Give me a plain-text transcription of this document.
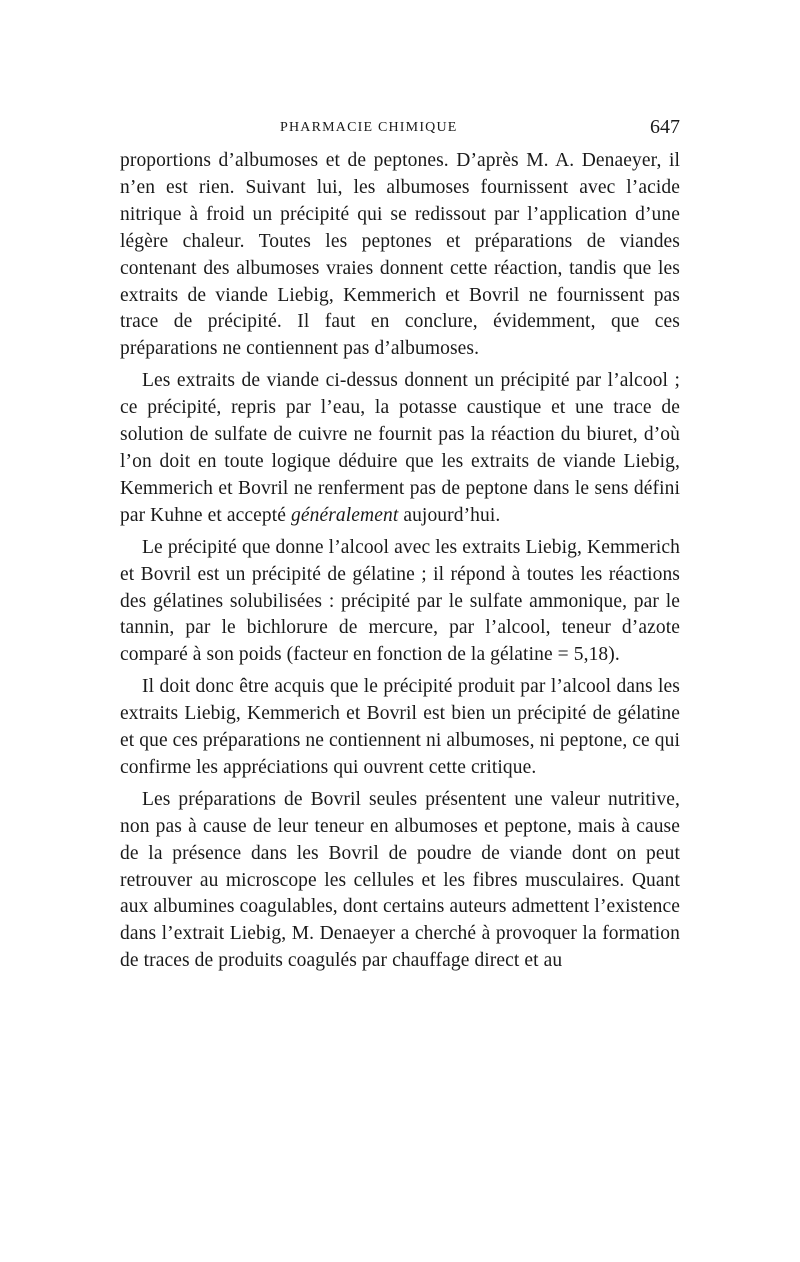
PHARMACIE CHIMIQUE	647

proportions d’albumoses et de peptones. D’après M. A. Denaeyer, il n’en est rien. Suivant lui, les albumoses fournissent avec l’acide nitrique à froid un précipité qui se redissout par l’application d’une légère chaleur. Toutes les peptones et préparations de viandes contenant des albumoses vraies donnent cette réaction, tandis que les extraits de viande Liebig, Kemmerich et Bovril ne fournissent pas trace de précipité. Il faut en conclure, évidemment, que ces préparations ne contiennent pas d’albumoses.

Les extraits de viande ci-dessus donnent un précipité par l’alcool ; ce précipité, repris par l’eau, la potasse caustique et une trace de solution de sulfate de cuivre ne fournit pas la réaction du biuret, d’où l’on doit en toute logique déduire que les extraits de viande Liebig, Kemmerich et Bovril ne renferment pas de peptone dans le sens défini par Kuhne et accepté généralement aujourd’hui.

Le précipité que donne l’alcool avec les extraits Liebig, Kemmerich et Bovril est un précipité de gélatine ; il répond à toutes les réactions des gélatines solubilisées : précipité par le sulfate ammonique, par le tannin, par le bichlorure de mercure, par l’alcool, teneur d’azote comparé à son poids (facteur en fonction de la gélatine = 5,18).

Il doit donc être acquis que le précipité produit par l’alcool dans les extraits Liebig, Kemmerich et Bovril est bien un précipité de gélatine et que ces préparations ne contiennent ni albumoses, ni peptone, ce qui confirme les appréciations qui ouvrent cette critique.

Les préparations de Bovril seules présentent une valeur nutritive, non pas à cause de leur teneur en albumoses et peptone, mais à cause de la présence dans les Bovril de poudre de viande dont on peut retrouver au microscope les cellules et les fibres musculaires. Quant aux albumines coagulables, dont certains auteurs admettent l’existence dans l’extrait Liebig, M. Denaeyer a cherché à provoquer la formation de traces de produits coagulés par chauffage direct et au
